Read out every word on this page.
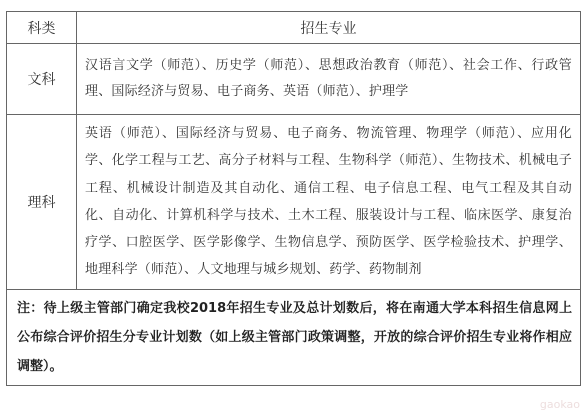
科类	招生专业
文科	汉语言文学（师范）、历史学（师范）、思想政治教育（师范）、社会工作、行政管理、国际经济与贸易、电子商务、英语（师范）、护理学
理科	英语（师范）、国际经济与贸易、电子商务、物流管理、物理学（师范）、应用化学、化学工程与工艺、高分子材料与工程、生物科学（师范）、生物技术、机械电子工程、机械设计制造及其自动化、通信工程、电子信息工程、电气工程及其自动化、自动化、计算机科学与技术、土木工程、服装设计与工程、临床医学、康复治疗学、口腔医学、医学影像学、生物信息学、预防医学、医学检验技术、护理学、地理科学（师范）、人文地理与城乡规划、药学、药物制剂
注：待上级主管部门确定我校2018年招生专业及总计划数后，将在南通大学本科招生信息网上公布综合评价招生分专业计划数（如上级主管部门政策调整，开放的综合评价招生专业将作相应调整）。	
gaokao
